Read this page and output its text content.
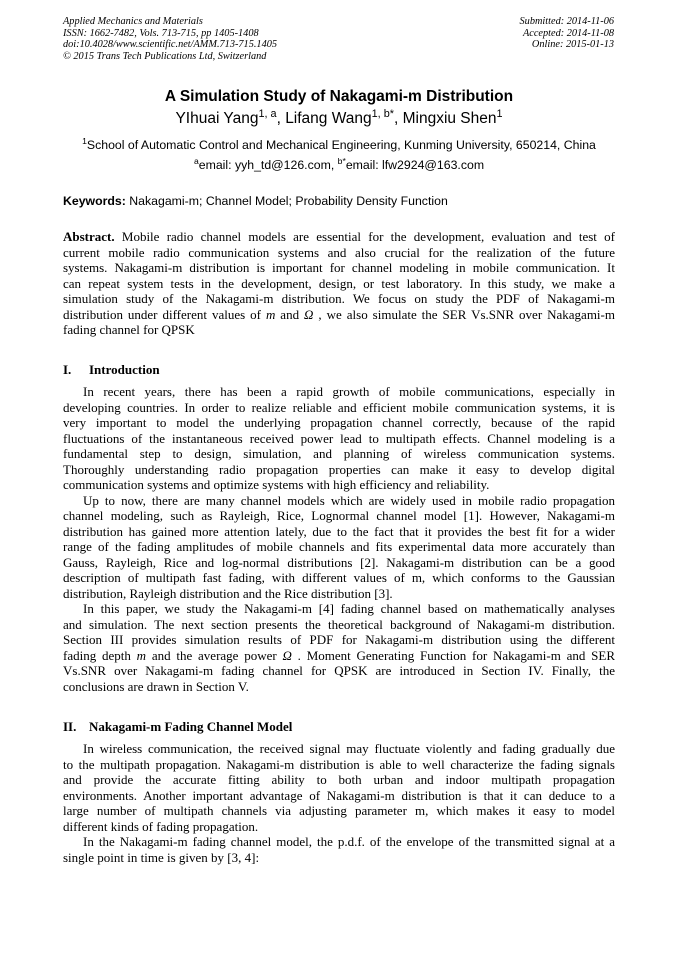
Applied Mechanics and Materials
ISSN: 1662-7482, Vols. 713-715, pp 1405-1408
doi:10.4028/www.scientific.net/AMM.713-715.1405
© 2015 Trans Tech Publications Ltd, Switzerland
Submitted: 2014-11-06
Accepted: 2014-11-08
Online: 2015-01-13
A Simulation Study of Nakagami-m Distribution
YIhuai Yang$^{1, a}$, Lifang Wang$^{1, b*}$, Mingxiu Shen$^1$
$^1$School of Automatic Control and Mechanical Engineering, Kunming University, 650214, China
$^a$email: yyh_td@126.com, $^{b*}$email: lfw2924@163.com
Keywords: Nakagami-m; Channel Model; Probability Density Function
Abstract. Mobile radio channel models are essential for the development, evaluation and test of
current mobile radio communication systems and also crucial for the realization of the future
systems. Nakagami-m distribution is important for channel modeling in mobile communication. It
can repeat system tests in the development, design, or test laboratory. In this study, we make a
simulation study of the Nakagami-m distribution. We focus on study the PDF of Nakagami-m
distribution under different values of m and Ω , we also simulate the SER Vs.SNR over Nakagami-m
fading channel for QPSK
I. Introduction
In recent years, there has been a rapid growth of mobile communications, especially in
developing countries. In order to realize reliable and efficient mobile communication systems, it is
very important to model the underlying propagation channel correctly, because of the rapid
fluctuations of the instantaneous received power lead to multipath effects. Channel modeling is a
fundamental step to design, simulation, and planning of wireless communication systems.
Thoroughly understanding radio propagation properties can make it easy to develop digital
communication systems and optimize systems with high efficiency and reliability.
Up to now, there are many channel models which are widely used in mobile radio propagation
channel modeling, such as Rayleigh, Rice, Lognormal channel model [1]. However, Nakagami-m
distribution has gained more attention lately, due to the fact that it provides the best fit for a wider
range of the fading amplitudes of mobile channels and fits experimental data more accurately than
Gauss, Rayleigh, Rice and log-normal distributions [2]. Nakagami-m distribution can be a good
description of multipath fast fading, with different values of m, which conforms to the Gaussian
distribution, Rayleigh distribution and the Rice distribution [3].
In this paper, we study the Nakagami-m [4] fading channel based on mathematically analyses
and simulation. The next section presents the theoretical background of Nakagami-m distribution.
Section III provides simulation results of PDF for Nakagami-m distribution using the different
fading depth m and the average power Ω . Moment Generating Function for Nakagami-m and SER
Vs.SNR over Nakagami-m fading channel for QPSK are introduced in Section IV. Finally, the
conclusions are drawn in Section V.
II. Nakagami-m Fading Channel Model
In wireless communication, the received signal may fluctuate violently and fading gradually due
to the multipath propagation. Nakagami-m distribution is able to well characterize the fading signals
and provide the accurate fitting ability to both urban and indoor multipath propagation
environments. Another important advantage of Nakagami-m distribution is that it can deduce to a
large number of multipath channels via adjusting parameter m, which makes it easy to model
different kinds of fading propagation.
In the Nakagami-m fading channel model, the p.d.f. of the envelope of the transmitted signal at a
single point in time is given by [3, 4]:
